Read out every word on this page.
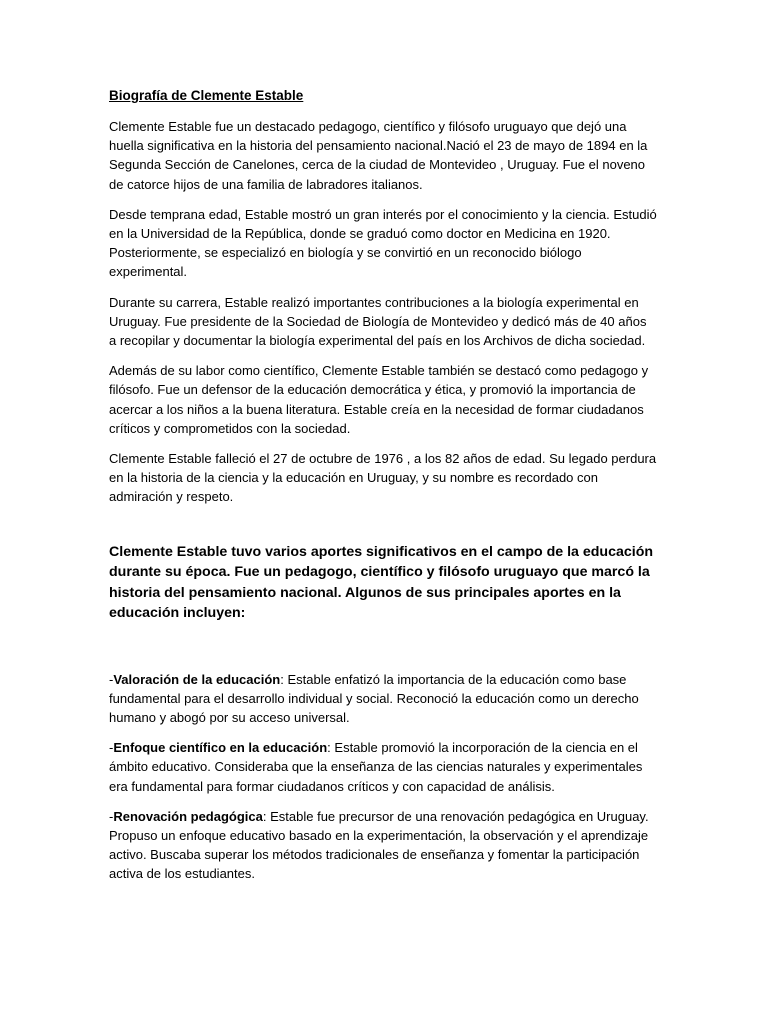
Biografía de Clemente Estable

Clemente Estable fue un destacado pedagogo, científico y filósofo uruguayo que dejó una huella significativa en la historia del pensamiento nacional.Nació el 23 de mayo de 1894 en la Segunda Sección de Canelones, cerca de la ciudad de Montevideo , Uruguay. Fue el noveno de catorce hijos de una familia de labradores italianos.

Desde temprana edad, Estable mostró un gran interés por el conocimiento y la ciencia. Estudió en la Universidad de la República, donde se graduó como doctor en Medicina en 1920. Posteriormente, se especializó en biología y se convirtió en un reconocido biólogo experimental.

Durante su carrera, Estable realizó importantes contribuciones a la biología experimental en Uruguay. Fue presidente de la Sociedad de Biología de Montevideo y dedicó más de 40 años a recopilar y documentar la biología experimental del país en los Archivos de dicha sociedad.

Además de su labor como científico, Clemente Estable también se destacó como pedagogo y filósofo. Fue un defensor de la educación democrática y ética, y promovió la importancia de acercar a los niños a la buena literatura. Estable creía en la necesidad de formar ciudadanos críticos y comprometidos con la sociedad.

Clemente Estable falleció el 27 de octubre de 1976 , a los 82 años de edad. Su legado perdura en la historia de la ciencia y la educación en Uruguay, y su nombre es recordado con admiración y respeto.

Clemente Estable tuvo varios aportes significativos en el campo de la educación durante su época. Fue un pedagogo, científico y filósofo uruguayo que marcó la historia del pensamiento nacional. Algunos de sus principales aportes en la educación incluyen:

-Valoración de la educación: Estable enfatizó la importancia de la educación como base fundamental para el desarrollo individual y social. Reconoció la educación como un derecho humano y abogó por su acceso universal.

-Enfoque científico en la educación: Estable promovió la incorporación de la ciencia en el ámbito educativo. Consideraba que la enseñanza de las ciencias naturales y experimentales era fundamental para formar ciudadanos críticos y con capacidad de análisis.

-Renovación pedagógica: Estable fue precursor de una renovación pedagógica en Uruguay. Propuso un enfoque educativo basado en la experimentación, la observación y el aprendizaje activo. Buscaba superar los métodos tradicionales de enseñanza y fomentar la participación activa de los estudiantes.
